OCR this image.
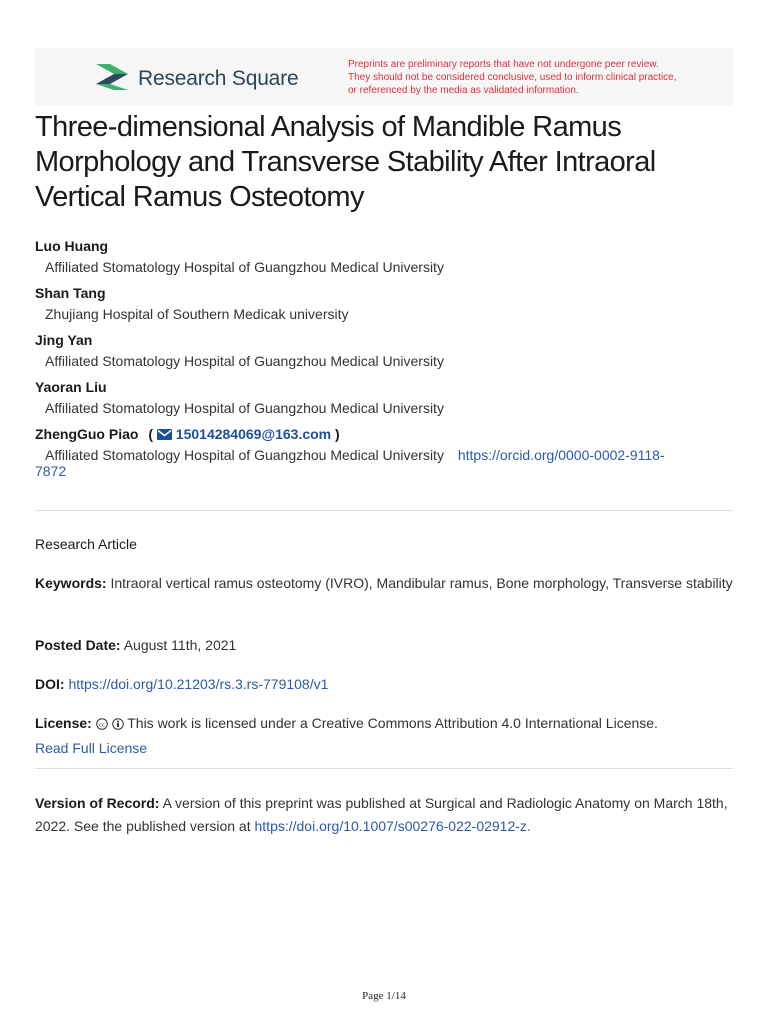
Research Square
Preprints are preliminary reports that have not undergone peer review.
They should not be considered conclusive, used to inform clinical practice,
or referenced by the media as validated information.
Three-dimensional Analysis of Mandible Ramus
Morphology and Transverse Stability After Intraoral
Vertical Ramus Osteotomy
Luo Huang
Affiliated Stomatology Hospital of Guangzhou Medical University
Shan Tang
Zhujiang Hospital of Southern Medicak university
Jing Yan
Affiliated Stomatology Hospital of Guangzhou Medical University
Yaoran Liu
Affiliated Stomatology Hospital of Guangzhou Medical University
ZhengGuo Piao ( 15014284069@163.com )
Affiliated Stomatology Hospital of Guangzhou Medical University https://orcid.org/0000-0002-9118-
7872
Research Article
Keywords: Intraoral vertical ramus osteotomy (IVRO), Mandibular ramus, Bone morphology, Transverse stability
Posted Date: August 11th, 2021
DOI: https://doi.org/10.21203/rs.3.rs-779108/v1
License: cc This work is licensed under a Creative Commons Attribution 4.0 International License.
Read Full License
Version of Record: A version of this preprint was published at Surgical and Radiologic Anatomy on March 18th, 2022. See the published version at https://doi.org/10.1007/s00276-022-02912-z.
Page 1/14
